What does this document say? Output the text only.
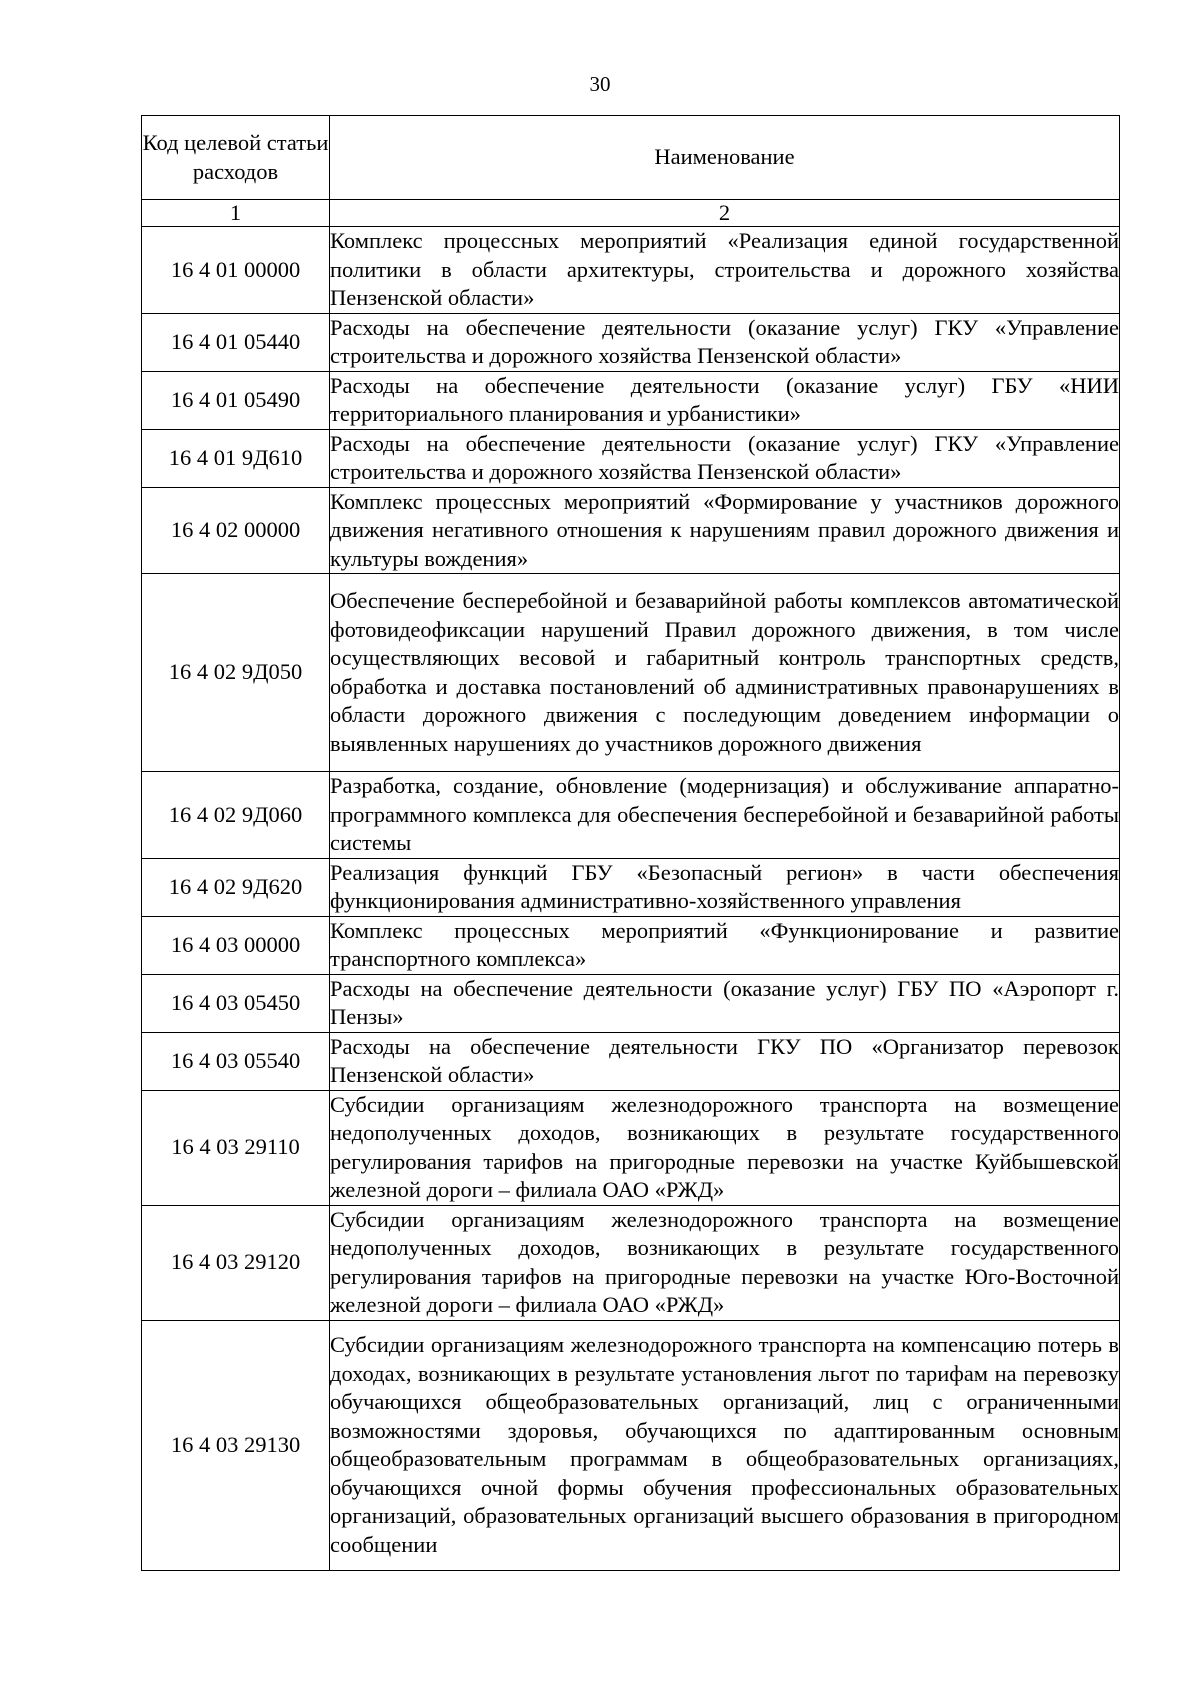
30
Код целевой статьи расходов	Наименование
1	2
16 4 01 00000	Комплекс процессных мероприятий «Реализация единой государственной политики в области архитектуры, строительства и дорожного хозяйства Пензенской области»
16 4 01 05440	Расходы на обеспечение деятельности (оказание услуг) ГКУ «Управление строительства и дорожного хозяйства Пензенской области»
16 4 01 05490	Расходы на обеспечение деятельности (оказание услуг) ГБУ «НИИ территориального планирования и урбанистики»
16 4 01 9Д610	Расходы на обеспечение деятельности (оказание услуг) ГКУ «Управление строительства и дорожного хозяйства Пензенской области»
16 4 02 00000	Комплекс процессных мероприятий «Формирование у участников дорожного движения негативного отношения к нарушениям правил дорожного движения и культуры вождения»
16 4 02 9Д050	Обеспечение бесперебойной и безаварийной работы комплексов автоматической фотовидеофиксации нарушений Правил дорожного движения, в том числе осуществляющих весовой и габаритный контроль транспортных средств, обработка и доставка постановлений об административных правонарушениях в области дорожного движения с последующим доведением информации о выявленных нарушениях до участников дорожного движения
16 4 02 9Д060	Разработка, создание, обновление (модернизация) и обслуживание аппаратно-программного комплекса для обеспечения бесперебойной и безаварийной работы системы
16 4 02 9Д620	Реализация функций ГБУ «Безопасный регион» в части обеспечения функционирования административно-хозяйственного управления
16 4 03 00000	Комплекс процессных мероприятий «Функционирование и развитие транспортного комплекса»
16 4 03 05450	Расходы на обеспечение деятельности (оказание услуг) ГБУ ПО «Аэропорт г. Пензы»
16 4 03 05540	Расходы на обеспечение деятельности ГКУ ПО «Организатор перевозок Пензенской области»
16 4 03 29110	Субсидии организациям железнодорожного транспорта на возмещение недополученных доходов, возникающих в результате государственного регулирования тарифов на пригородные перевозки на участке Куйбышевской железной дороги – филиала ОАО «РЖД»
16 4 03 29120	Субсидии организациям железнодорожного транспорта на возмещение недополученных доходов, возникающих в результате государственного регулирования тарифов на пригородные перевозки на участке Юго-Восточной железной дороги – филиала ОАО «РЖД»
16 4 03 29130	Субсидии организациям железнодорожного транспорта на компенсацию потерь в доходах, возникающих в результате установления льгот по тарифам на перевозку обучающихся общеобразовательных организаций, лиц с ограниченными возможностями здоровья, обучающихся по адаптированным основным общеобразовательным программам в общеобразовательных организациях, обучающихся очной формы обучения профессиональных образовательных организаций, образовательных организаций высшего образования в пригородном сообщении
